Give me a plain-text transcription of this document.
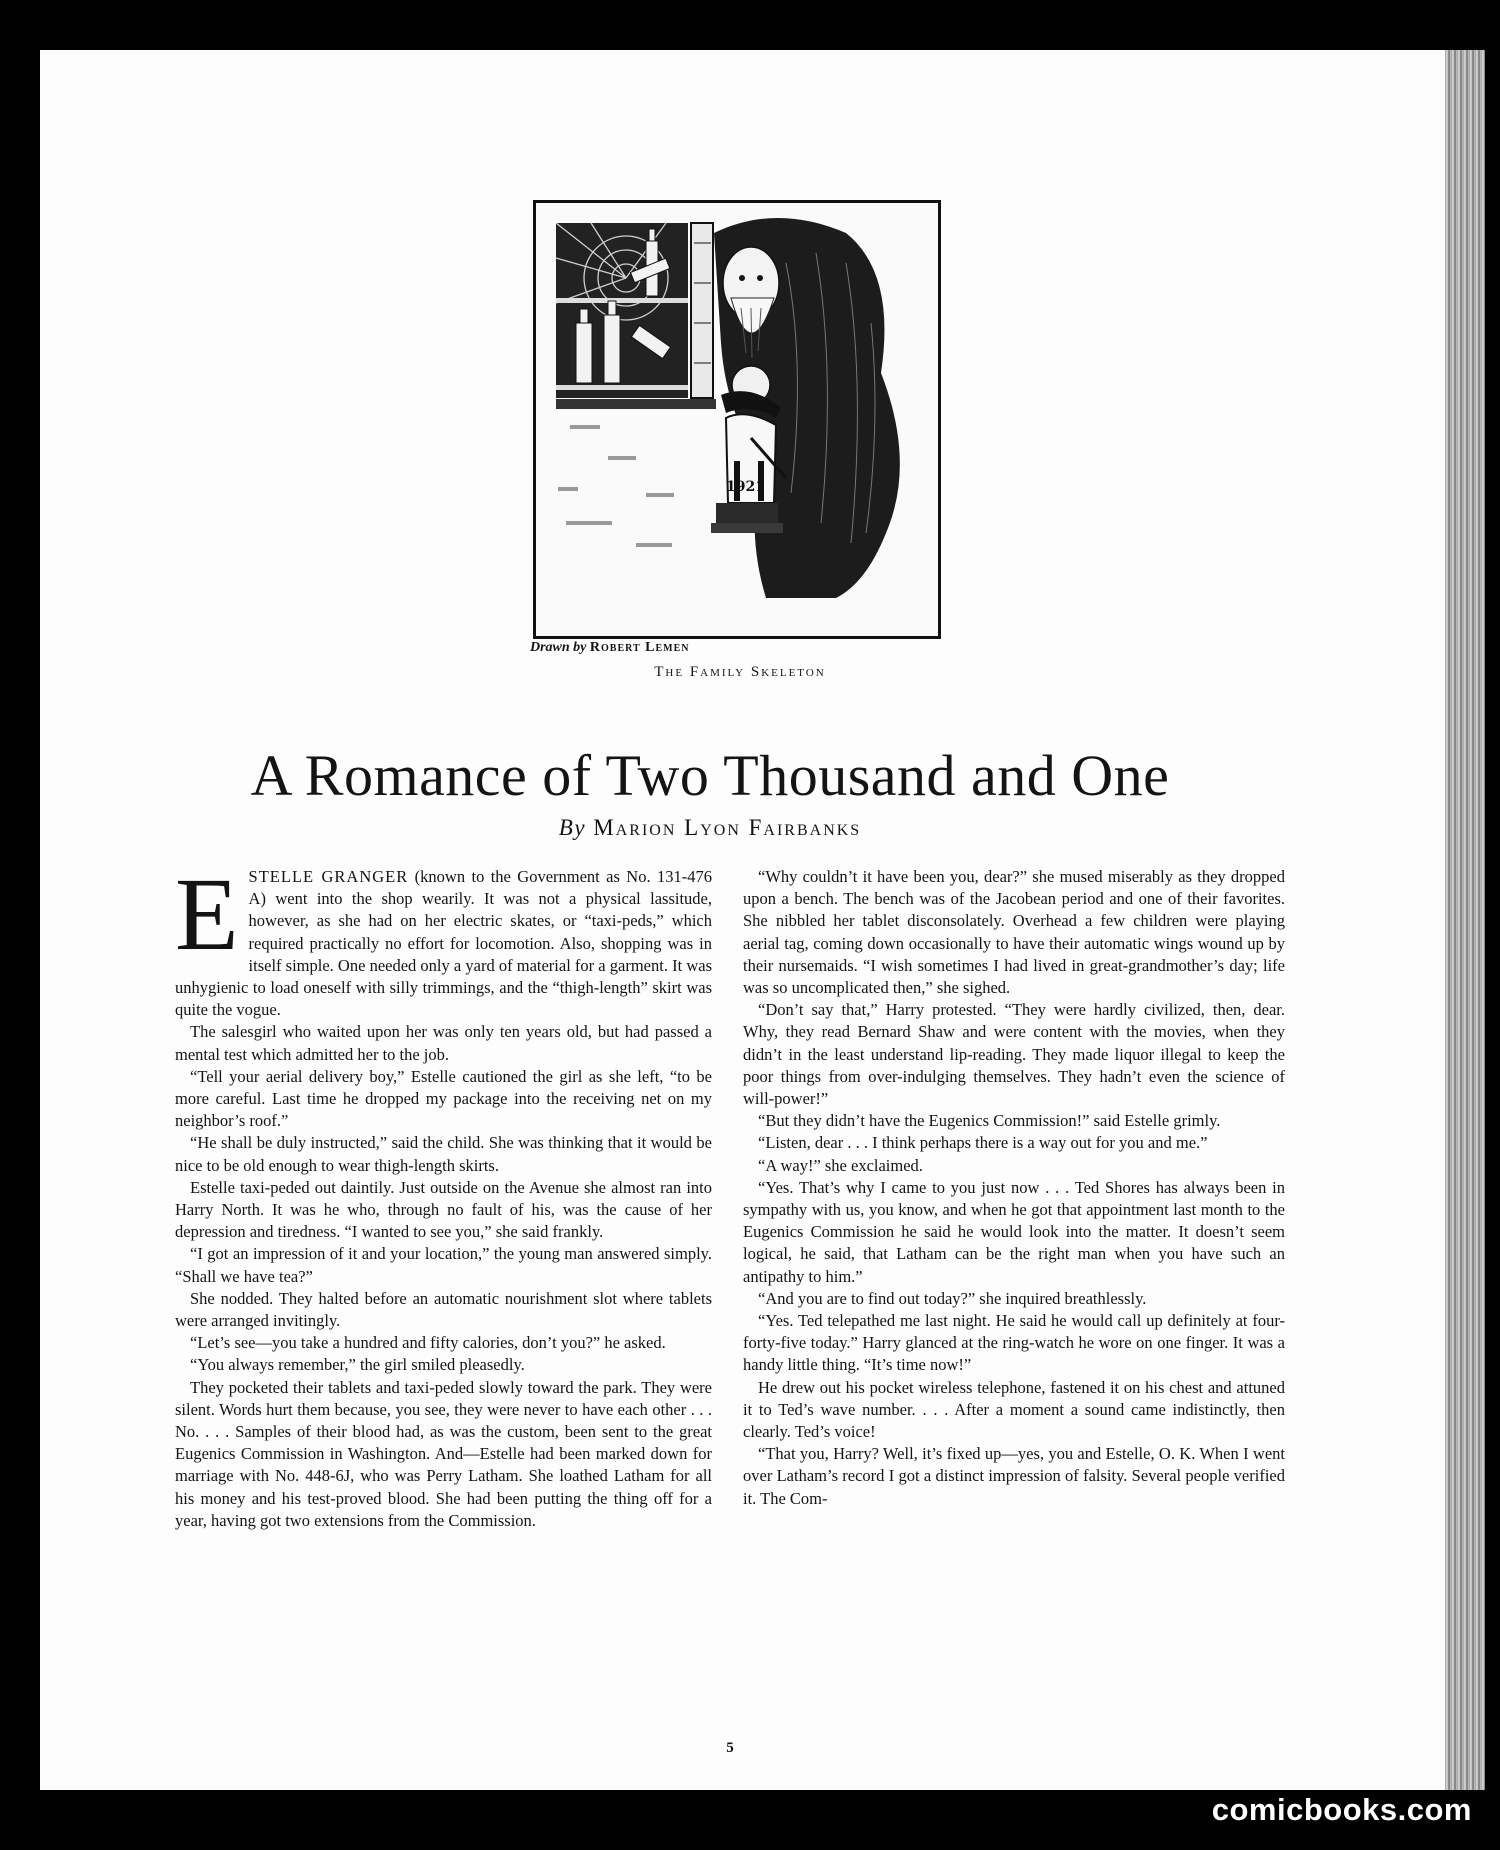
comicbooks.com
1921
Drawn by Robert Lemen
The Family Skeleton
A Romance of Two Thousand and One
By Marion Lyon Fairbanks

ESTELLE GRANGER (known to the Government as No. 131-476 A) went into the shop wearily. It was not a physical lassitude, however, as she had on her electric skates, or “taxi-peds,” which required practically no effort for locomotion. Also, shopping was in itself simple. One needed only a yard of material for a garment. It was unhygienic to load oneself with silly trimmings, and the “thigh-length” skirt was quite the vogue.

The salesgirl who waited upon her was only ten years old, but had passed a mental test which admitted her to the job.

“Tell your aerial delivery boy,” Estelle cautioned the girl as she left, “to be more careful. Last time he dropped my package into the receiving net on my neighbor’s roof.”

“He shall be duly instructed,” said the child. She was thinking that it would be nice to be old enough to wear thigh-length skirts.

Estelle taxi-peded out daintily. Just outside on the Avenue she almost ran into Harry North. It was he who, through no fault of his, was the cause of her depression and tiredness. “I wanted to see you,” she said frankly.

“I got an impression of it and your location,” the young man answered simply. “Shall we have tea?”

She nodded. They halted before an automatic nourishment slot where tablets were arranged invitingly.

“Let’s see—you take a hundred and fifty calories, don’t you?” he asked.

“You always remember,” the girl smiled pleasedly.

They pocketed their tablets and taxi-peded slowly toward the park. They were silent. Words hurt them because, you see, they were never to have each other . . . No. . . . Samples of their blood had, as was the custom, been sent to the great Eugenics Commission in Washington. And—Estelle had been marked down for marriage with No. 448-6J, who was Perry Latham. She loathed Latham for all his money and his test-proved blood. She had been putting the thing off for a year, having got two extensions from the Commission.

“Why couldn’t it have been you, dear?” she mused miserably as they dropped upon a bench. The bench was of the Jacobean period and one of their favorites. She nibbled her tablet disconsolately. Overhead a few children were playing aerial tag, coming down occasionally to have their automatic wings wound up by their nursemaids. “I wish sometimes I had lived in great-grandmother’s day; life was so uncomplicated then,” she sighed.

“Don’t say that,” Harry protested. “They were hardly civilized, then, dear. Why, they read Bernard Shaw and were content with the movies, when they didn’t in the least understand lip-reading. They made liquor illegal to keep the poor things from over-indulging themselves. They hadn’t even the science of will-power!”

“But they didn’t have the Eugenics Commission!” said Estelle grimly.

“Listen, dear . . . I think perhaps there is a way out for you and me.”

“A way!” she exclaimed.

“Yes. That’s why I came to you just now . . . Ted Shores has always been in sympathy with us, you know, and when he got that appointment last month to the Eugenics Commission he said he would look into the matter. It doesn’t seem logical, he said, that Latham can be the right man when you have such an antipathy to him.”

“And you are to find out today?” she inquired breathlessly.

“Yes. Ted telepathed me last night. He said he would call up definitely at four-forty-five today.” Harry glanced at the ring-watch he wore on one finger. It was a handy little thing. “It’s time now!”

He drew out his pocket wireless telephone, fastened it on his chest and attuned it to Ted’s wave number. . . . After a moment a sound came indistinctly, then clearly. Ted’s voice!

“That you, Harry? Well, it’s fixed up—yes, you and Estelle, O. K. When I went over Latham’s record I got a distinct impression of falsity. Several people verified it. The Com-

5
